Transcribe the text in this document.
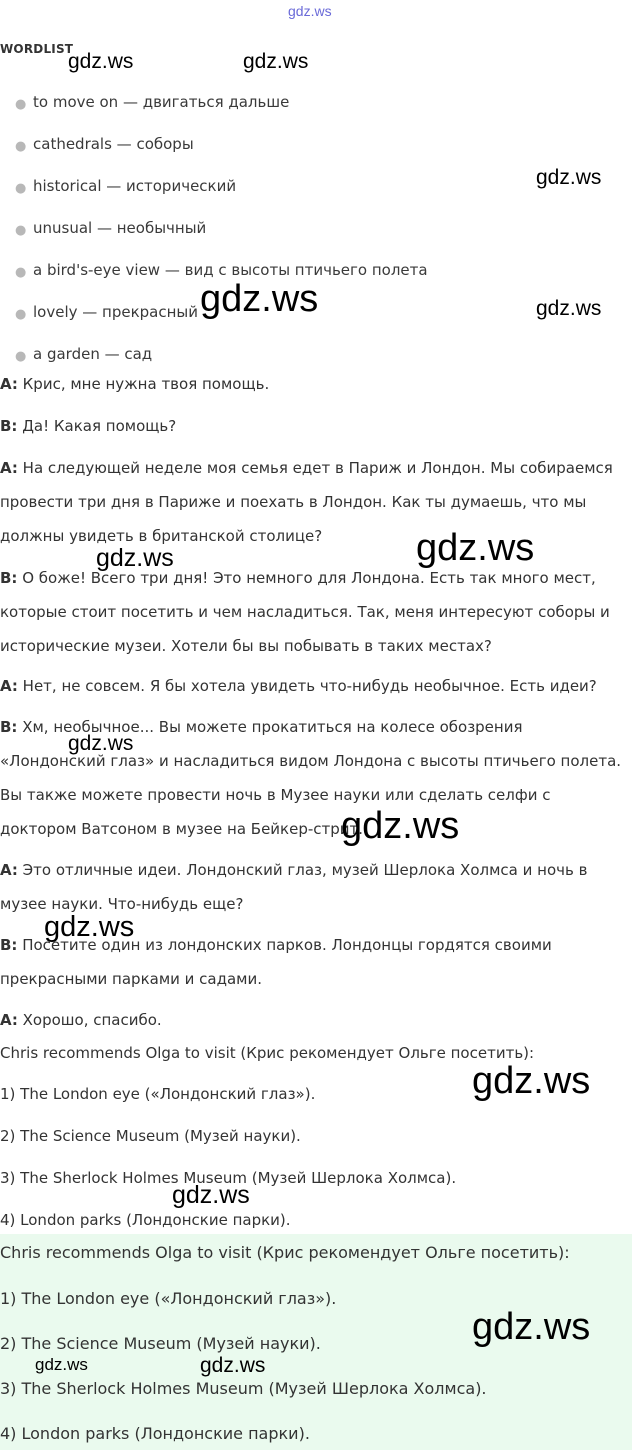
gdz.ws
WORDLIST
● to move on — двигаться дальше
● cathedrals — соборы
● historical — исторический
● unusual — необычный
● a bird's-eye view — вид с высоты птичьего полета
● lovely — прекрасный
● a garden — сад
A: Крис, мне нужна твоя помощь.
B: Да! Какая помощь?
A: На следующей неделе моя семья едет в Париж и Лондон. Мы собираемся провести три дня в Париже и поехать в Лондон. Как ты думаешь, что мы должны увидеть в британской столице?
B: О боже! Всего три дня! Это немного для Лондона. Есть так много мест, которые стоит посетить и чем насладиться. Так, меня интересуют соборы и исторические музеи. Хотели бы вы побывать в таких местах?
A: Нет, не совсем. Я бы хотела увидеть что-нибудь необычное. Есть идеи?
B: Хм, необычное... Вы можете прокатиться на колесе обозрения «Лондонский глаз» и насладиться видом Лондона с высоты птичьего полета. Вы также можете провести ночь в Музее науки или сделать селфи с доктором Ватсоном в музее на Бейкер-стрит.
A: Это отличные идеи. Лондонский глаз, музей Шерлока Холмса и ночь в музее науки. Что-нибудь еще?
B: Посетите один из лондонских парков. Лондонцы гордятся своими прекрасными парками и садами.
A: Хорошо, спасибо.
Chris recommends Olga to visit (Крис рекомендует Ольге посетить):
1) The London eye («Лондонский глаз»).
2) The Science Museum (Музей науки).
3) The Sherlock Holmes Museum (Музей Шерлока Холмса).
4) London parks (Лондонские парки).
Chris recommends Olga to visit (Крис рекомендует Ольге посетить):
1) The London eye («Лондонский глаз»).
2) The Science Museum (Музей науки).
3) The Sherlock Holmes Museum (Музей Шерлока Холмса).
4) London parks (Лондонские парки).
gdz.ws	gdz.ws
gdz.ws
gdz.ws	gdz.ws
gdz.ws	gdz.ws
gdz.ws
gdz.ws
gdz.ws
gdz.ws
gdz.ws
gdz.ws
gdz.ws	gdz.ws
